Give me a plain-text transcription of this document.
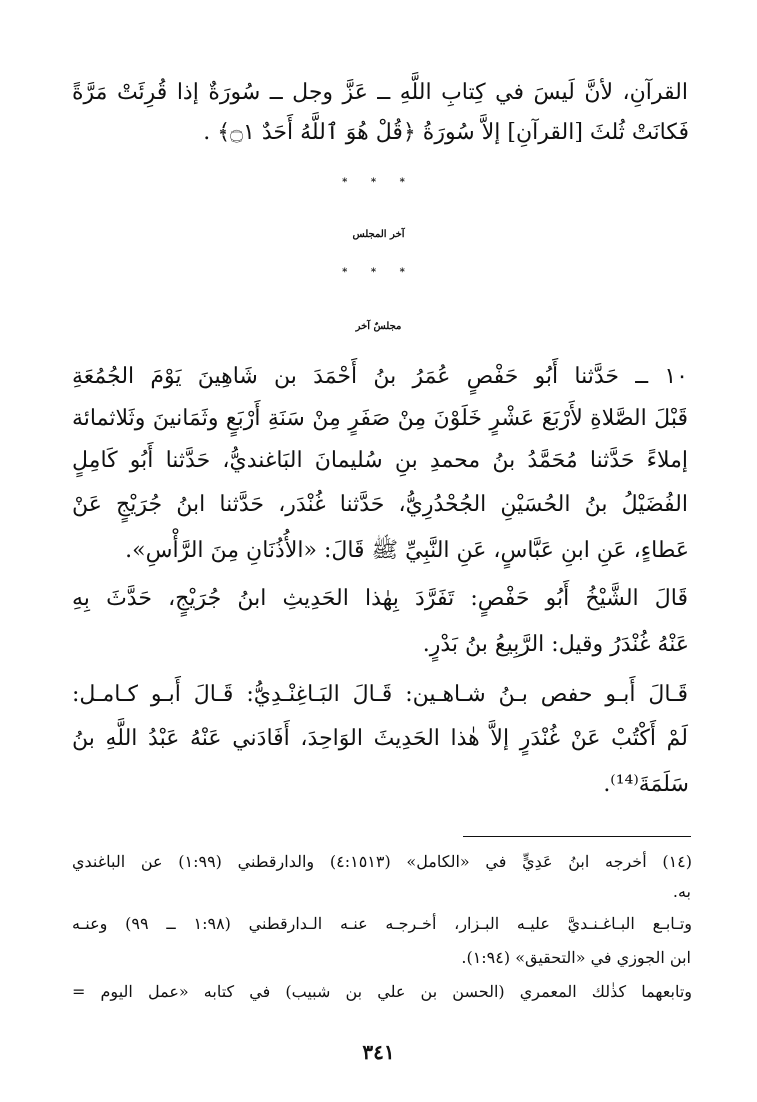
القرآنِ، لأنَّ لَيسَ في كِتابِ اللَّهِ ــ عَزَّ وجل ــ سُورَةٌ إذا قُرِئَتْ مَرَّةً
فَكانَتْ ثُلثَ [القرآنِ] إلاَّ سُورَةُ ﴿قُلْ هُوَ ٱللَّهُ أَحَدٌ ۝١﴾ .
* * *
آخر المجلس
* * *
مجلسٌ آخر
١٠ ــ حَدَّثنا أَبُو حَفْصٍ عُمَرُ بنُ أَحْمَدَ بن شَاهِينَ يَوْمَ الجُمُعَةِ
قَبْلَ الصَّلاةِ لأَرْبَعَ عَشْرٍ خَلَوْنَ مِنْ صَفَرٍ مِنْ سَنَةِ أَرْبَعٍ وثَمَانينَ وثَلاثمائة
إملاءً حَدَّثنا مُحَمَّدُ بنُ محمدِ بنِ سُليمانَ البَاغنديُّ، حَدَّثنا أَبُو كَامِلٍ
الفُضَيْلُ بنُ الحُسَيْنِ الجُحْدُرِيُّ، حَدَّثنا غُنْدَر، حَدَّثنا ابنُ جُرَيْجٍ عَنْ
عَطاءٍ، عَنِ ابنِ عَبَّاسٍ، عَنِ النَّبِيِّ ﷺ قَالَ: «الأُذُنَانِ مِنَ الرَّأْسِ».
قَالَ الشَّيْخُ أَبُو حَفْصٍ: تَفَرَّدَ بِهٰذا الحَدِيثِ ابنُ جُرَيْجٍ، حَدَّثَ بِهِ
عَنْهُ غُنْدَرُ وقيل: الرَّبِيعُ بنُ بَدْرٍ.
قَـالَ أَبـو حفص بـنُ شـاهـين: قَـالَ البَـاغِنْـدِيُّ: قَـالَ أَبـو كـامـل:
لَمْ أَكْتُبْ عَنْ غُنْدَرٍ إلاَّ هٰذا الحَدِيثَ الوَاحِدَ، أَفَادَني عَنْهُ عَبْدُ اللَّهِ بنُ
سَلَمَةَ⁽¹⁴⁾.
(١٤) أخرجه ابنُ عَدِيٍّ في «الكامل» (٤:١٥١٣) والدارقطني (١:٩٩) عن الباغندي
به.
وتـابـع البـاغـنـديَّ عليـه البـزار، أخـرجـه عنـه الـدارقطني (١:٩٨ ــ ٩٩) وعنـه
ابن الجوزي في «التحقيق» (١:٩٤).
وتابعهما كذٰلك المعمري (الحسن بن علي بن شبيب) في كتابه «عمل اليوم =
٣٤١
